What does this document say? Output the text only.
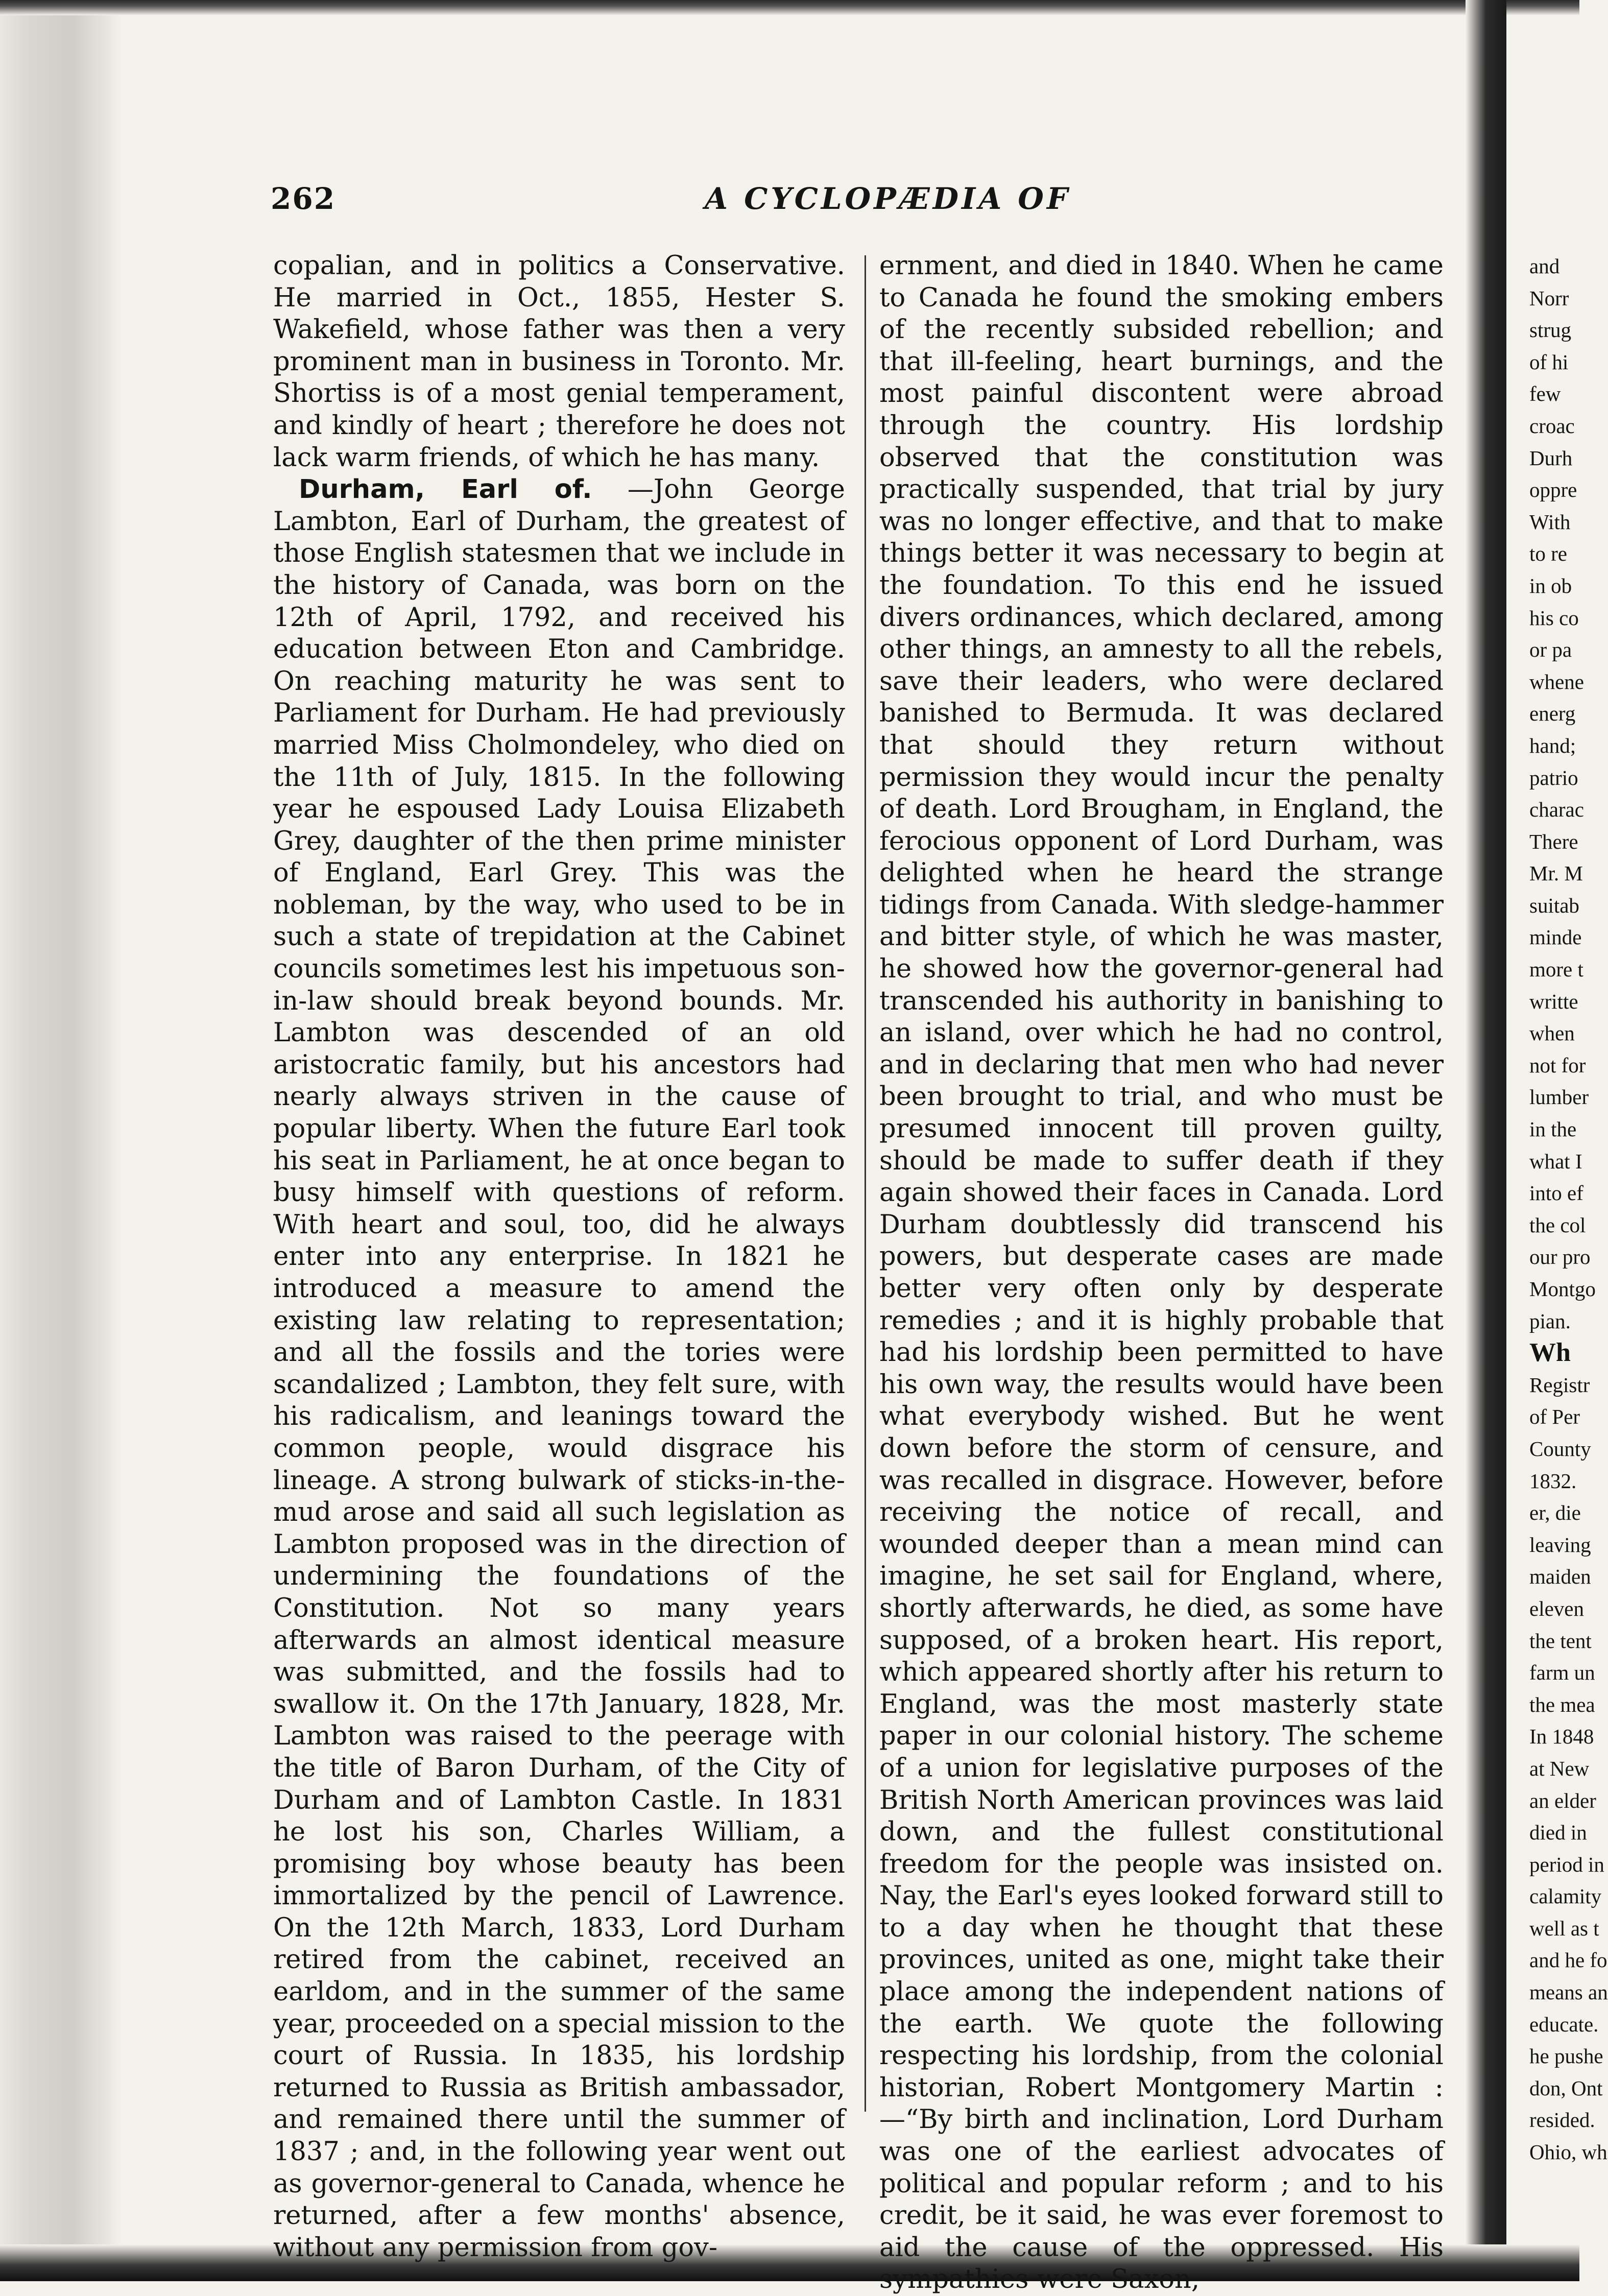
262	A CYCLOPÆDIA OF

copalian, and in politics a Conservative. He married in Oct., 1855, Hester S. Wakefield, whose father was then a very prominent man in business in Toronto. Mr. Shortiss is of a most genial temperament, and kindly of heart ; therefore he does not lack warm friends, of which he has many.

Durham, Earl of. —John George Lambton, Earl of Durham, the greatest of those English statesmen that we include in the history of Canada, was born on the 12th of April, 1792, and received his education between Eton and Cambridge. On reaching maturity he was sent to Parliament for Durham. He had previously married Miss Cholmondeley, who died on the 11th of July, 1815. In the following year he espoused Lady Louisa Elizabeth Grey, daughter of the then prime minister of England, Earl Grey. This was the nobleman, by the way, who used to be in such a state of trepidation at the Cabinet councils sometimes lest his impetuous son-in-law should break beyond bounds. Mr. Lambton was descended of an old aristocratic family, but his ancestors had nearly always striven in the cause of popular liberty. When the future Earl took his seat in Parliament, he at once began to busy himself with questions of reform. With heart and soul, too, did he always enter into any enterprise. In 1821 he introduced a measure to amend the existing law relating to representation; and all the fossils and the tories were scandalized ; Lambton, they felt sure, with his radicalism, and leanings toward the common people, would disgrace his lineage. A strong bulwark of sticks-in-the-mud arose and said all such legislation as Lambton proposed was in the direction of undermining the foundations of the Constitution. Not so many years afterwards an almost identical measure was submitted, and the fossils had to swallow it. On the 17th January, 1828, Mr. Lambton was raised to the peerage with the title of Baron Durham, of the City of Durham and of Lambton Castle. In 1831 he lost his son, Charles William, a promising boy whose beauty has been immortalized by the pencil of Lawrence. On the 12th March, 1833, Lord Durham retired from the cabinet, received an earldom, and in the summer of the same year, proceeded on a special mission to the court of Russia. In 1835, his lordship returned to Russia as British ambassador, and remained there until the summer of 1837 ; and, in the following year went out as governor-general to Canada, whence he returned, after a few months' absence, without any permission from gov-

ernment, and died in 1840. When he came to Canada he found the smoking embers of the recently subsided rebellion; and that ill-feeling, heart burnings, and the most painful discontent were abroad through the country. His lordship observed that the constitution was practically suspended, that trial by jury was no longer effective, and that to make things better it was necessary to begin at the foundation. To this end he issued divers ordinances, which declared, among other things, an amnesty to all the rebels, save their leaders, who were declared banished to Bermuda. It was declared that should they return without permission they would incur the penalty of death. Lord Brougham, in England, the ferocious opponent of Lord Durham, was delighted when he heard the strange tidings from Canada. With sledge-hammer and bitter style, of which he was master, he showed how the governor-general had transcended his authority in banishing to an island, over which he had no control, and in declaring that men who had never been brought to trial, and who must be presumed innocent till proven guilty, should be made to suffer death if they again showed their faces in Canada. Lord Durham doubtlessly did transcend his powers, but desperate cases are made better very often only by desperate remedies ; and it is highly probable that had his lordship been permitted to have his own way, the results would have been what everybody wished. But he went down before the storm of censure, and was recalled in disgrace. However, before receiving the notice of recall, and wounded deeper than a mean mind can imagine, he set sail for England, where, shortly afterwards, he died, as some have supposed, of a broken heart. His report, which appeared shortly after his return to England, was the most masterly state paper in our colonial history. The scheme of a union for legislative purposes of the British North American provinces was laid down, and the fullest constitutional freedom for the people was insisted on. Nay, the Earl's eyes looked forward still to to a day when he thought that these provinces, united as one, might take their place among the independent nations of the earth. We quote the following respecting his lordship, from the colonial historian, Robert Montgomery Martin :—“By birth and inclination, Lord Durham was one of the earliest advocates of political and popular reform ; and to his credit, be it said, he was ever foremost to aid the cause of the oppressed. His sympathies were Saxon,

and
Norr
strug
of hi
few
croac
Durh
oppre
With
to re
in ob
his co
or pa
whene
energ
hand;
patrio
charac
There
Mr. M
suitab
minde
more t
writte
when
not for
lumber
in the
what I
into ef
the col
our pro
Montgo
pian.
Wh
Registr
of Per
County
1832.
er, die
leaving
maiden
eleven
the tent
farm un
the mea
In 1848
at New
an elder
died in
period in
calamity
well as t
and he fo
means an
educate.
he pushe
don, Ont
resided.
Ohio, wh
